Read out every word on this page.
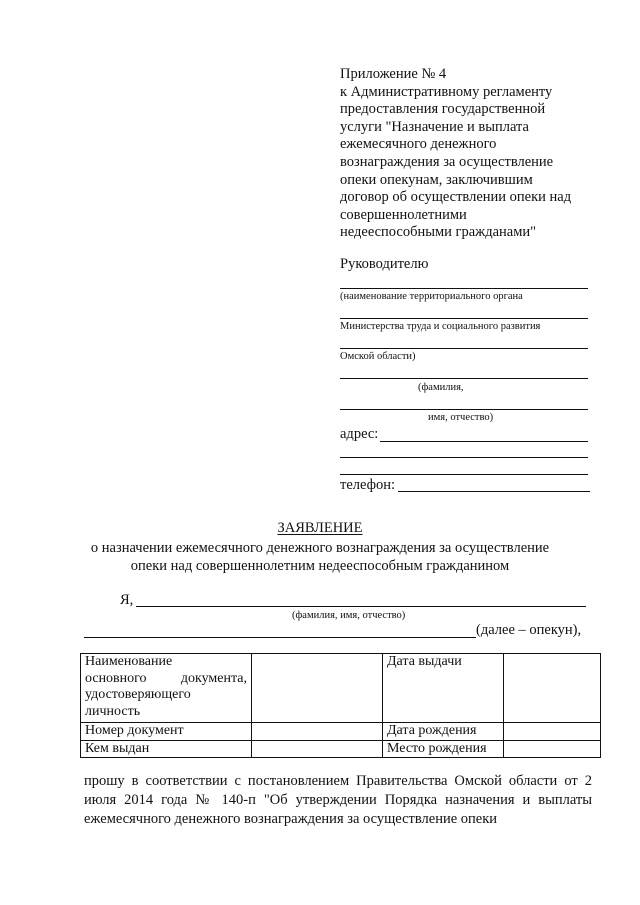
Приложение № 4
к Административному регламенту
предоставления государственной
услуги "Назначение и выплата
ежемесячного денежного
вознаграждения за осуществление
опеки опекунам, заключившим
договор об осуществлении опеки над
совершеннолетними
недееспособными гражданами"
Руководителю
(наименование территориального органа
Министерства труда и социального развития
Омской области)
(фамилия,
имя, отчество)
адрес:
телефон:
ЗАЯВЛЕНИЕ
о назначении ежемесячного денежного вознаграждения за осуществление
опеки над совершеннолетним недееспособным гражданином
Я,
(фамилия, имя, отчество)
(далее – опекун),
Наименование
основного документа,
удостоверяющего
личность		Дата выдачи	
Номер документ		Дата рождения	
Кем выдан		Место рождения	
прошу в соответствии с постановлением Правительства Омской области от 2 июля 2014 года № 140-п "Об утверждении Порядка назначения и выплаты ежемесячного денежного вознаграждения за осуществление опеки
